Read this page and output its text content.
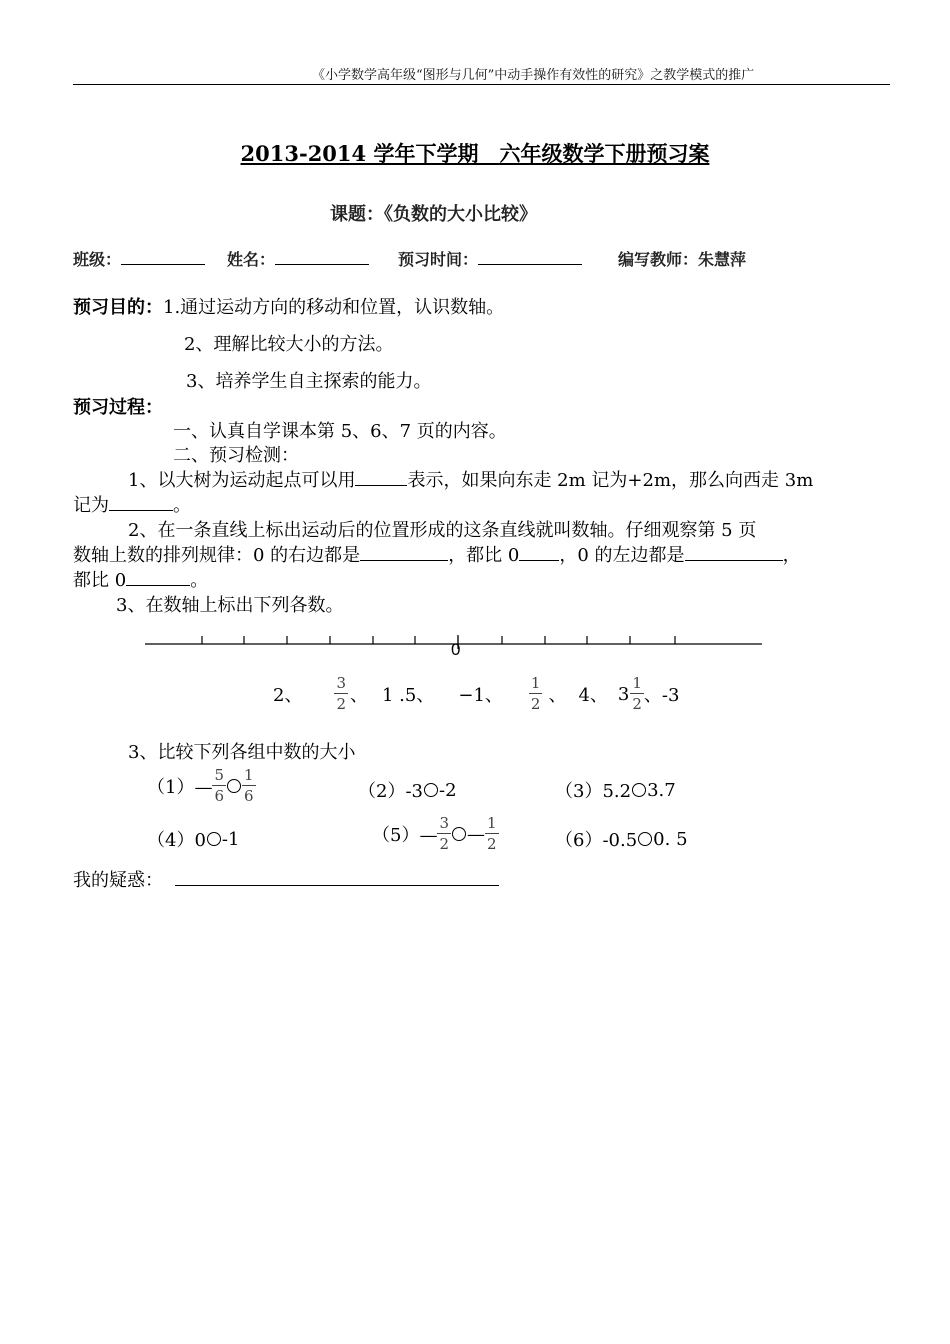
《小学数学高年级“图形与几何”中动手操作有效性的研究》之教学模式的推广
2013-2014 学年下学期　六年级数学下册预习案
课题：《负数的大小比较》
班级：	姓名：	预习时间：	编写教师：朱慧萍
预习目的：1.通过运动方向的移动和位置，认识数轴。
2、理解比较大小的方法。
3、培养学生自主探索的能力。
预习过程：
一、认真自学课本第 5、6、7 页的内容。
二、预习检测：
1、以大树为运动起点可以用	表示，如果向东走 2m 记为+2m，那么向西走 3m
记为	。
2、在一条直线上标出运动后的位置形成的这条直线就叫数轴。仔细观察第 5 页
数轴上数的排列规律：0 的右边都是	，都比 0 ，0 的左边都是	，
都比 0	。
3、在数轴上标出下列各数。
0
2、 $\frac{3}{2}$ 、 1 .5、 −1、 $\frac{1}{2}$ 、 4、 $3 \frac{1}{2}$ 、-3
3、比较下列各组中数的大小
（1）— $\frac{5}{6} \frac{1}{6}$	（2）-3 -2	（3）5.2 3.7
（4）0 -1	（5）— $\frac{3}{2}$ — $\frac{1}{2}$	（6）-0.5 0. 5
我的疑惑：
